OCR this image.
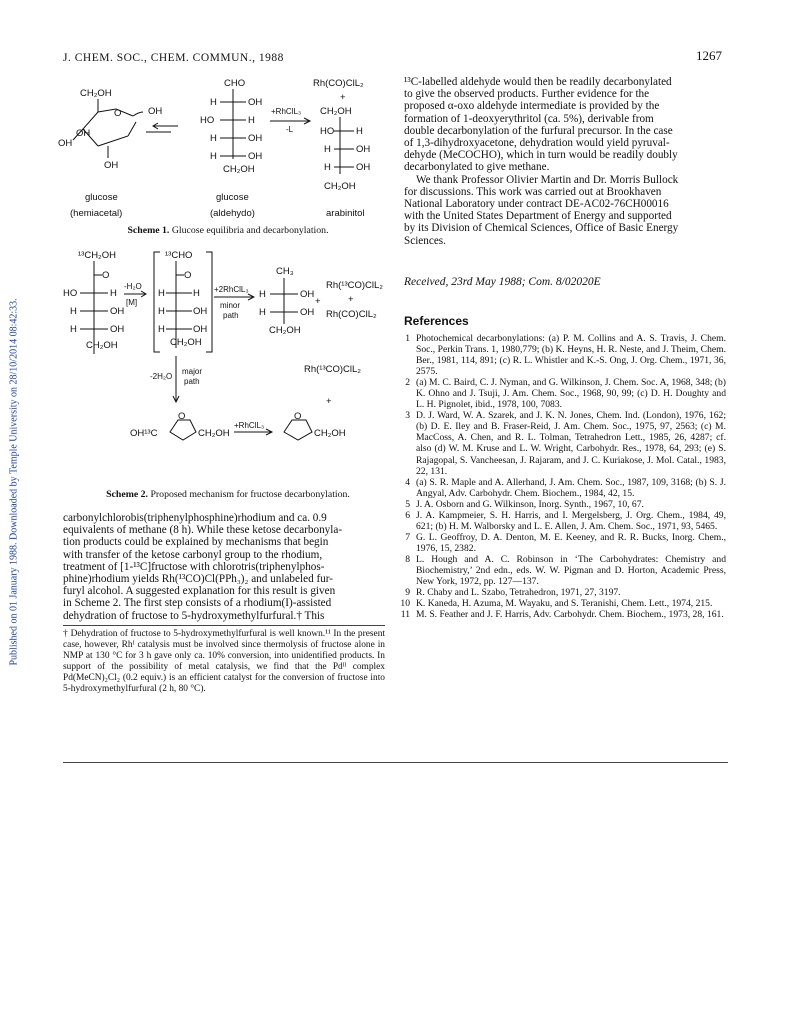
J. CHEM. SOC., CHEM. COMMUN., 1988	1267
Published on 01 January 1988. Downloaded by Temple University on 28/10/2014 08:42:33.
CH₂OH
O	OH
OH
OH
OH
CHO
H	OH
HO	H
H	OH
H	OH
CH₂OH
+RhClL₃
-L
Rh(CO)ClL₂
+
CH₂OH
HO H
H	OH
H	OH
CH₂OH
glucose
(hemiacetal)
glucose
(aldehydo)	arabinitol
Scheme 1. Glucose equilibria and decarbonylation.
¹³CH₂OH
O
HO	H
H	OH
H	OH
CH₂OH
-H₂O
[M]
¹³CHO
O
H	H
H	OH
H	OH
CH₂OH
+2RhClL₃
minor
path
CH₃
H	OH
H	OH
CH₂OH
+
Rh(¹³CO)ClL₂
+
Rh(CO)ClL₂
-2H₂O
major
path
Rh(¹³CO)ClL₂
+
OH¹³C
O
CH₂OH
+RhClL₃
O
CH₂OH
Scheme 2. Proposed mechanism for fructose decarbonylation.
carbonylchlorobis(triphenylphosphine)rhodium and ca. 0.9
equivalents of methane (8 h). While these ketose decarbonyla-
tion products could be explained by mechanisms that begin
with transfer of the ketose carbonyl group to the rhodium,
treatment of [1-¹³C]fructose with chlorotris(triphenylphos-
phine)rhodium yields Rh(¹³CO)Cl(PPh₃)₂ and unlabeled fur-
furyl alcohol. A suggested explanation for this result is given
in Scheme 2. The first step consists of a rhodium(I)-assisted
dehydration of fructose to 5-hydroxymethylfurfural.† This
† Dehydration of fructose to 5-hydroxymethylfurfural is well known.¹¹ In the present case, however, Rhᴵ catalysis must be involved since thermolysis of fructose alone in NMP at 130 °C for 3 h gave only ca. 10% conversion, into unidentified products. In support of the possibility of metal catalysis, we find that the Pdᴵᴵ complex Pd(MeCN)₂Cl₂ (0.2 equiv.) is an efficient catalyst for the conversion of fructose into 5-hydroxymethylfurfural (2 h, 80 °C).
¹³C-labelled aldehyde would then be readily decarbonylated
to give the observed products. Further evidence for the
proposed α-oxo aldehyde intermediate is provided by the
formation of 1-deoxyerythritol (ca. 5%), derivable from
double decarbonylation of the furfural precursor. In the case
of 1,3-dihydroxyacetone, dehydration would yield pyruval-
dehyde (MeCOCHO), which in turn would be readily doubly
decarbonylated to give methane.
We thank Professor Olivier Martin and Dr. Morris Bullock
for discussions. This work was carried out at Brookhaven
National Laboratory under contract DE-AC02-76CH00016
with the United States Department of Energy and supported
by its Division of Chemical Sciences, Office of Basic Energy
Sciences.
Received, 23rd May 1988; Com. 8/02020E
References
1 Photochemical decarbonylations: (a) P. M. Collins and A. S. Travis, J. Chem. Soc., Perkin Trans. 1, 1980,779; (b) K. Heyns, H. R. Neste, and J. Theim, Chem. Ber., 1981, 114, 891; (c) R. L. Whistler and K.-S. Ong, J. Org. Chem., 1971, 36, 2575.
2 (a) M. C. Baird, C. J. Nyman, and G. Wilkinson, J. Chem. Soc. A, 1968, 348; (b) K. Ohno and J. Tsuji, J. Am. Chem. Soc., 1968, 90, 99; (c) D. H. Doughty and L. H. Pignolet, ibid., 1978, 100, 7083.
3 D. J. Ward, W. A. Szarek, and J. K. N. Jones, Chem. Ind. (London), 1976, 162; (b) D. E. Iley and B. Fraser-Reid, J. Am. Chem. Soc., 1975, 97, 2563; (c) M. MacCoss, A. Chen, and R. L. Tolman, Tetrahedron Lett., 1985, 26, 4287; cf. also (d) W. M. Kruse and L. W. Wright, Carbohydr. Res., 1978, 64, 293; (e) S. Rajagopal, S. Vancheesan, J. Rajaram, and J. C. Kuriakose, J. Mol. Catal., 1983, 22, 131.
4 (a) S. R. Maple and A. Allerhand, J. Am. Chem. Soc., 1987, 109, 3168; (b) S. J. Angyal, Adv. Carbohydr. Chem. Biochem., 1984, 42, 15.
5 J. A. Osborn and G. Wilkinson, Inorg. Synth., 1967, 10, 67.
6 J. A. Kampmeier, S. H. Harris, and I. Mergelsberg, J. Org. Chem., 1984, 49, 621; (b) H. M. Walborsky and L. E. Allen, J. Am. Chem. Soc., 1971, 93, 5465.
7 G. L. Geoffroy, D. A. Denton, M. E. Keeney, and R. R. Bucks, Inorg. Chem., 1976, 15, 2382.
8 L. Hough and A. C. Robinson in ‘The Carbohydrates: Chemistry and Biochemistry,’ 2nd edn., eds. W. W. Pigman and D. Horton, Academic Press, New York, 1972, pp. 127—137.
9 R. Chaby and L. Szabo, Tetrahedron, 1971, 27, 3197.
10 K. Kaneda, H. Azuma, M. Wayaku, and S. Teranishi, Chem. Lett., 1974, 215.
11 M. S. Feather and J. F. Harris, Adv. Carbohydr. Chem. Biochem., 1973, 28, 161.
